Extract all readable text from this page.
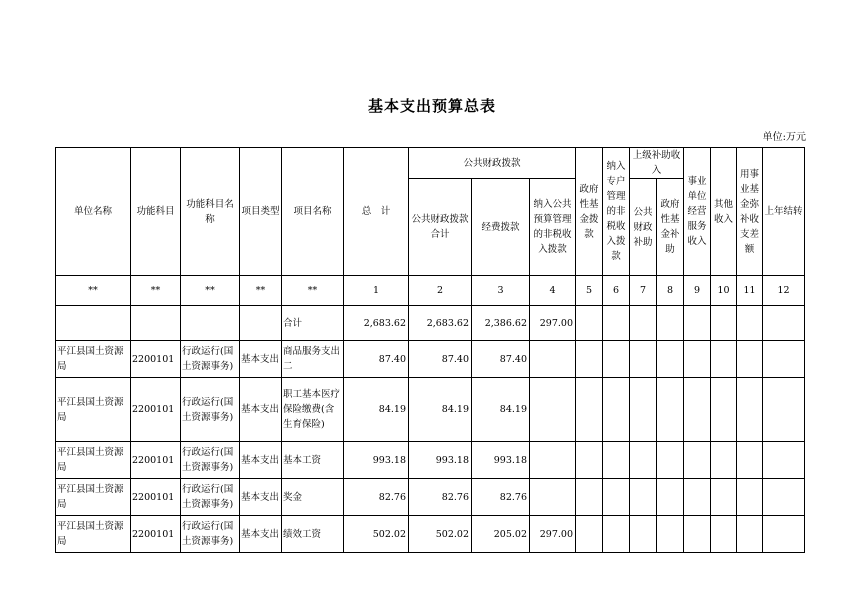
基本支出预算总表
单位:万元
单位名称	功能科目	功能科目名称	项目类型	项目名称	总　计	公共财政拨款			政府性基金拨款	纳入专户管理的非税收入拨款	上级补助收入		事业单位经营服务收入	其他收入	用事业基金弥补收支差额	上年结转
						公共财政拨款合计	经费拨款	纳入公共预算管理的非税收入拨款			公共财政补助	政府性基金补助				
**	**	**	**	**	1	2	3	4	5	6	7	8	9	10	11	12
				合计	2,683.62	2,683.62	2,386.62	297.00								
平江县国土资源局	2200101	行政运行(国土资源事务)	基本支出	商品服务支出二	87.40	87.40	87.40									
平江县国土资源局	2200101	行政运行(国土资源事务)	基本支出	职工基本医疗保险缴费(含生育保险)	84.19	84.19	84.19									
平江县国土资源局	2200101	行政运行(国土资源事务)	基本支出	基本工资	993.18	993.18	993.18									
平江县国土资源局	2200101	行政运行(国土资源事务)	基本支出	奖金	82.76	82.76	82.76									
平江县国土资源局	2200101	行政运行(国土资源事务)	基本支出	绩效工资	502.02	502.02	205.02	297.00								
